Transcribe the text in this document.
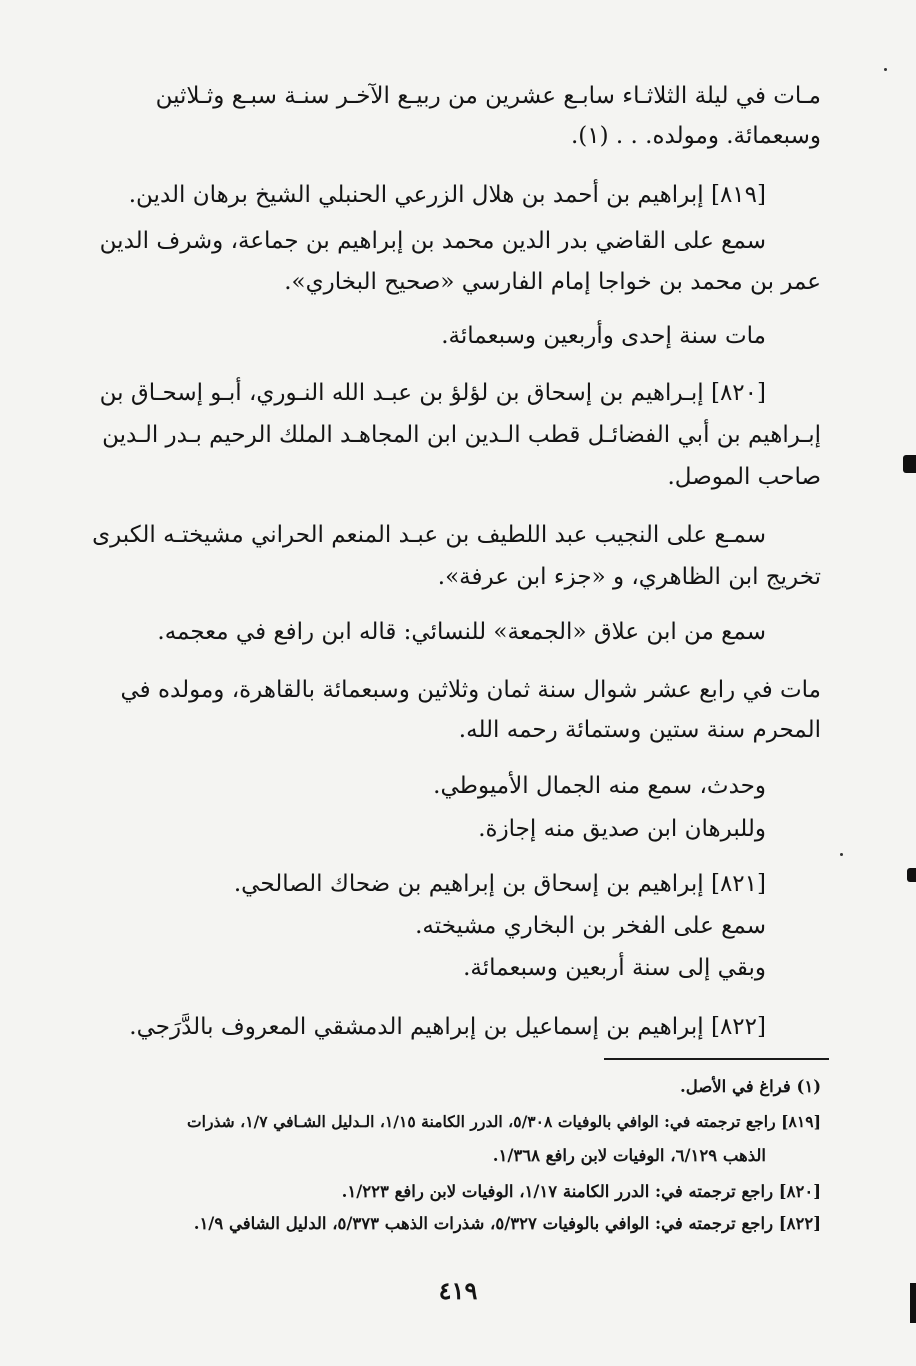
مـات في ليلة الثلاثـاء سابـع عشرين من ربيـع الآخـر سنـة سبـع وثـلاثين
وسبعمائة. ومولده. . . (١).
[٨١٩] إبراهيم بن أحمد بن هلال الزرعي الحنبلي الشيخ برهان الدين.
سمع على القاضي بدر الدين محمد بن إبراهيم بن جماعة، وشرف الدين
عمر بن محمد بن خواجا إمام الفارسي «صحيح البخاري».
مات سنة إحدى وأربعين وسبعمائة.
[٨٢٠] إبـراهيم بن إسحاق بن لؤلؤ بن عبـد الله النـوري، أبـو إسحـاق بن
إبـراهيم بن أبي الفضائـل قطب الـدين ابن المجاهـد الملك الرحيم بـدر الـدين
صاحب الموصل.
سمـع على النجيب عبد اللطيف بن عبـد المنعم الحراني مشيختـه الكبرى
تخريج ابن الظاهري، و «جزء ابن عرفة».
سمع من ابن علاق «الجمعة» للنسائي: قاله ابن رافع في معجمه.
مات في رابع عشر شوال سنة ثمان وثلاثين وسبعمائة بالقاهرة، ومولده في
المحرم سنة ستين وستمائة رحمه الله.
وحدث، سمع منه الجمال الأميوطي.
وللبرهان ابن صديق منه إجازة.
[٨٢١] إبراهيم بن إسحاق بن إبراهيم بن ضحاك الصالحي.
سمع على الفخر بن البخاري مشيخته.
وبقي إلى سنة أربعين وسبعمائة.
[٨٢٢] إبراهيم بن إسماعيل بن إبراهيم الدمشقي المعروف بالدَّرَجي.
(١) فراغ في الأصل.
[٨١٩] راجع ترجمته في: الوافي بالوفيات ٥/٣٠٨، الدرر الكامنة ١/١٥، الـدليل الشـافي ١/٧، شذرات
الذهب ٦/١٢٩، الوفيات لابن رافع ١/٣٦٨.
[٨٢٠] راجع ترجمته في: الدرر الكامنة ١/١٧، الوفيات لابن رافع ١/٢٢٣.
[٨٢٢] راجع ترجمته في: الوافي بالوفيات ٥/٣٢٧، شذرات الذهب ٥/٣٧٣، الدليل الشافي ١/٩.
٤١٩
